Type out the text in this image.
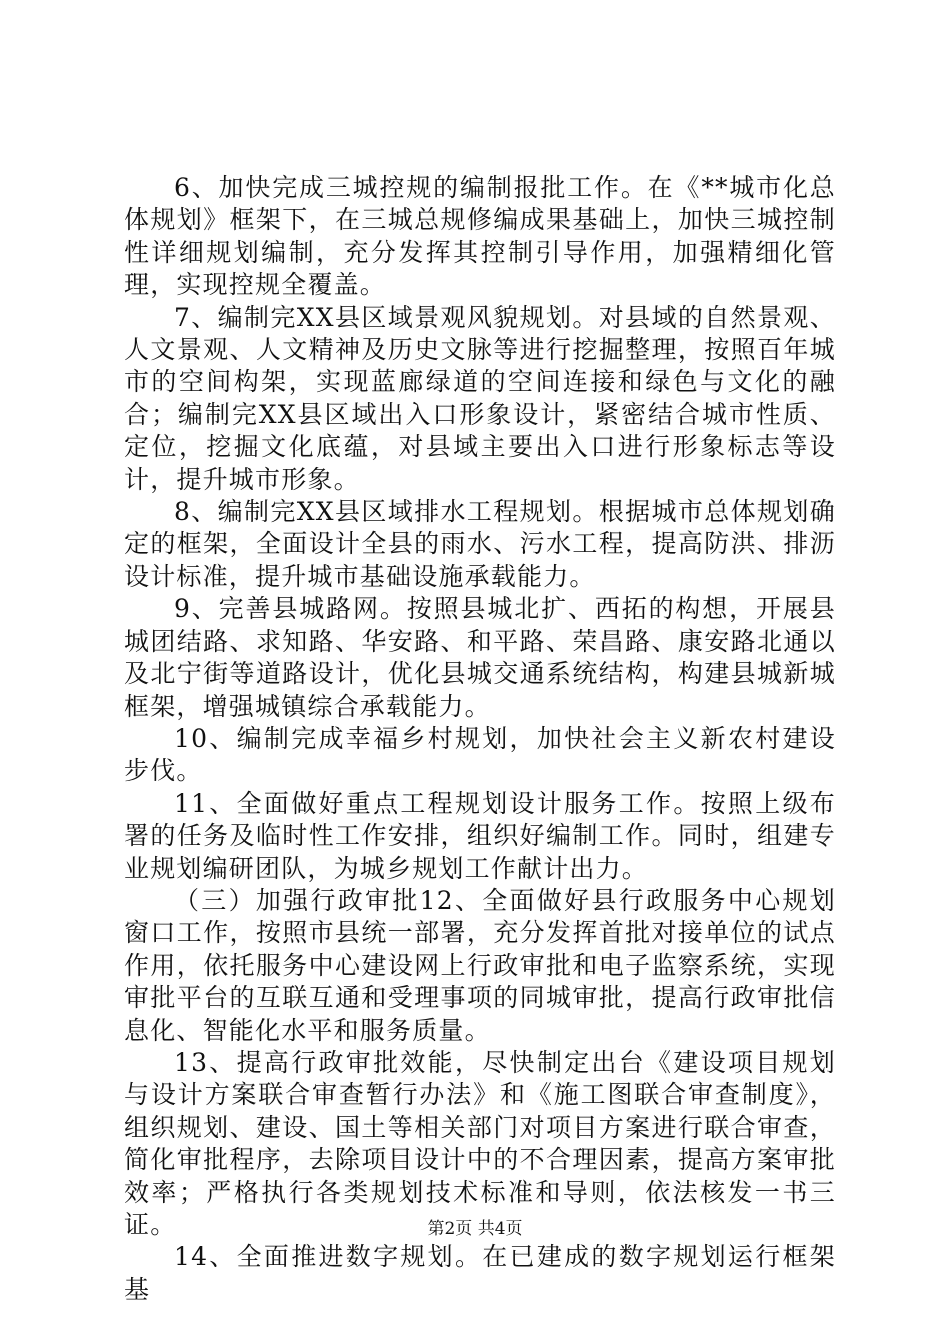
6、加快完成三城控规的编制报批工作。在《**城市化总体规划》框架下，在三城总规修编成果基础上，加快三城控制性详细规划编制，充分发挥其控制引导作用，加强精细化管理，实现控规全覆盖。

7、编制完XX县区域景观风貌规划。对县域的自然景观、人文景观、人文精神及历史文脉等进行挖掘整理，按照百年城市的空间构架，实现蓝廊绿道的空间连接和绿色与文化的融合；编制完XX县区域出入口形象设计，紧密结合城市性质、定位，挖掘文化底蕴，对县域主要出入口进行形象标志等设计，提升城市形象。

8、编制完XX县区域排水工程规划。根据城市总体规划确定的框架，全面设计全县的雨水、污水工程，提高防洪、排沥设计标准，提升城市基础设施承载能力。

9、完善县城路网。按照县城北扩、西拓的构想，开展县城团结路、求知路、华安路、和平路、荣昌路、康安路北通以及北宁街等道路设计，优化县城交通系统结构，构建县城新城框架，增强城镇综合承载能力。

10、编制完成幸福乡村规划，加快社会主义新农村建设步伐。

11、全面做好重点工程规划设计服务工作。按照上级布署的任务及临时性工作安排，组织好编制工作。同时，组建专业规划编研团队，为城乡规划工作献计出力。

（三）加强行政审批12、全面做好县行政服务中心规划窗口工作，按照市县统一部署，充分发挥首批对接单位的试点作用，依托服务中心建设网上行政审批和电子监察系统，实现审批平台的互联互通和受理事项的同城审批，提高行政审批信息化、智能化水平和服务质量。

13、提高行政审批效能，尽快制定出台《建设项目规划与设计方案联合审查暂行办法》和《施工图联合审查制度》，组织规划、建设、国土等相关部门对项目方案进行联合审查，简化审批程序，去除项目设计中的不合理因素，提高方案审批效率；严格执行各类规划技术标准和导则，依法核发一书三证。

14、全面推进数字规划。在已建成的数字规划运行框架基

第2页 共4页
